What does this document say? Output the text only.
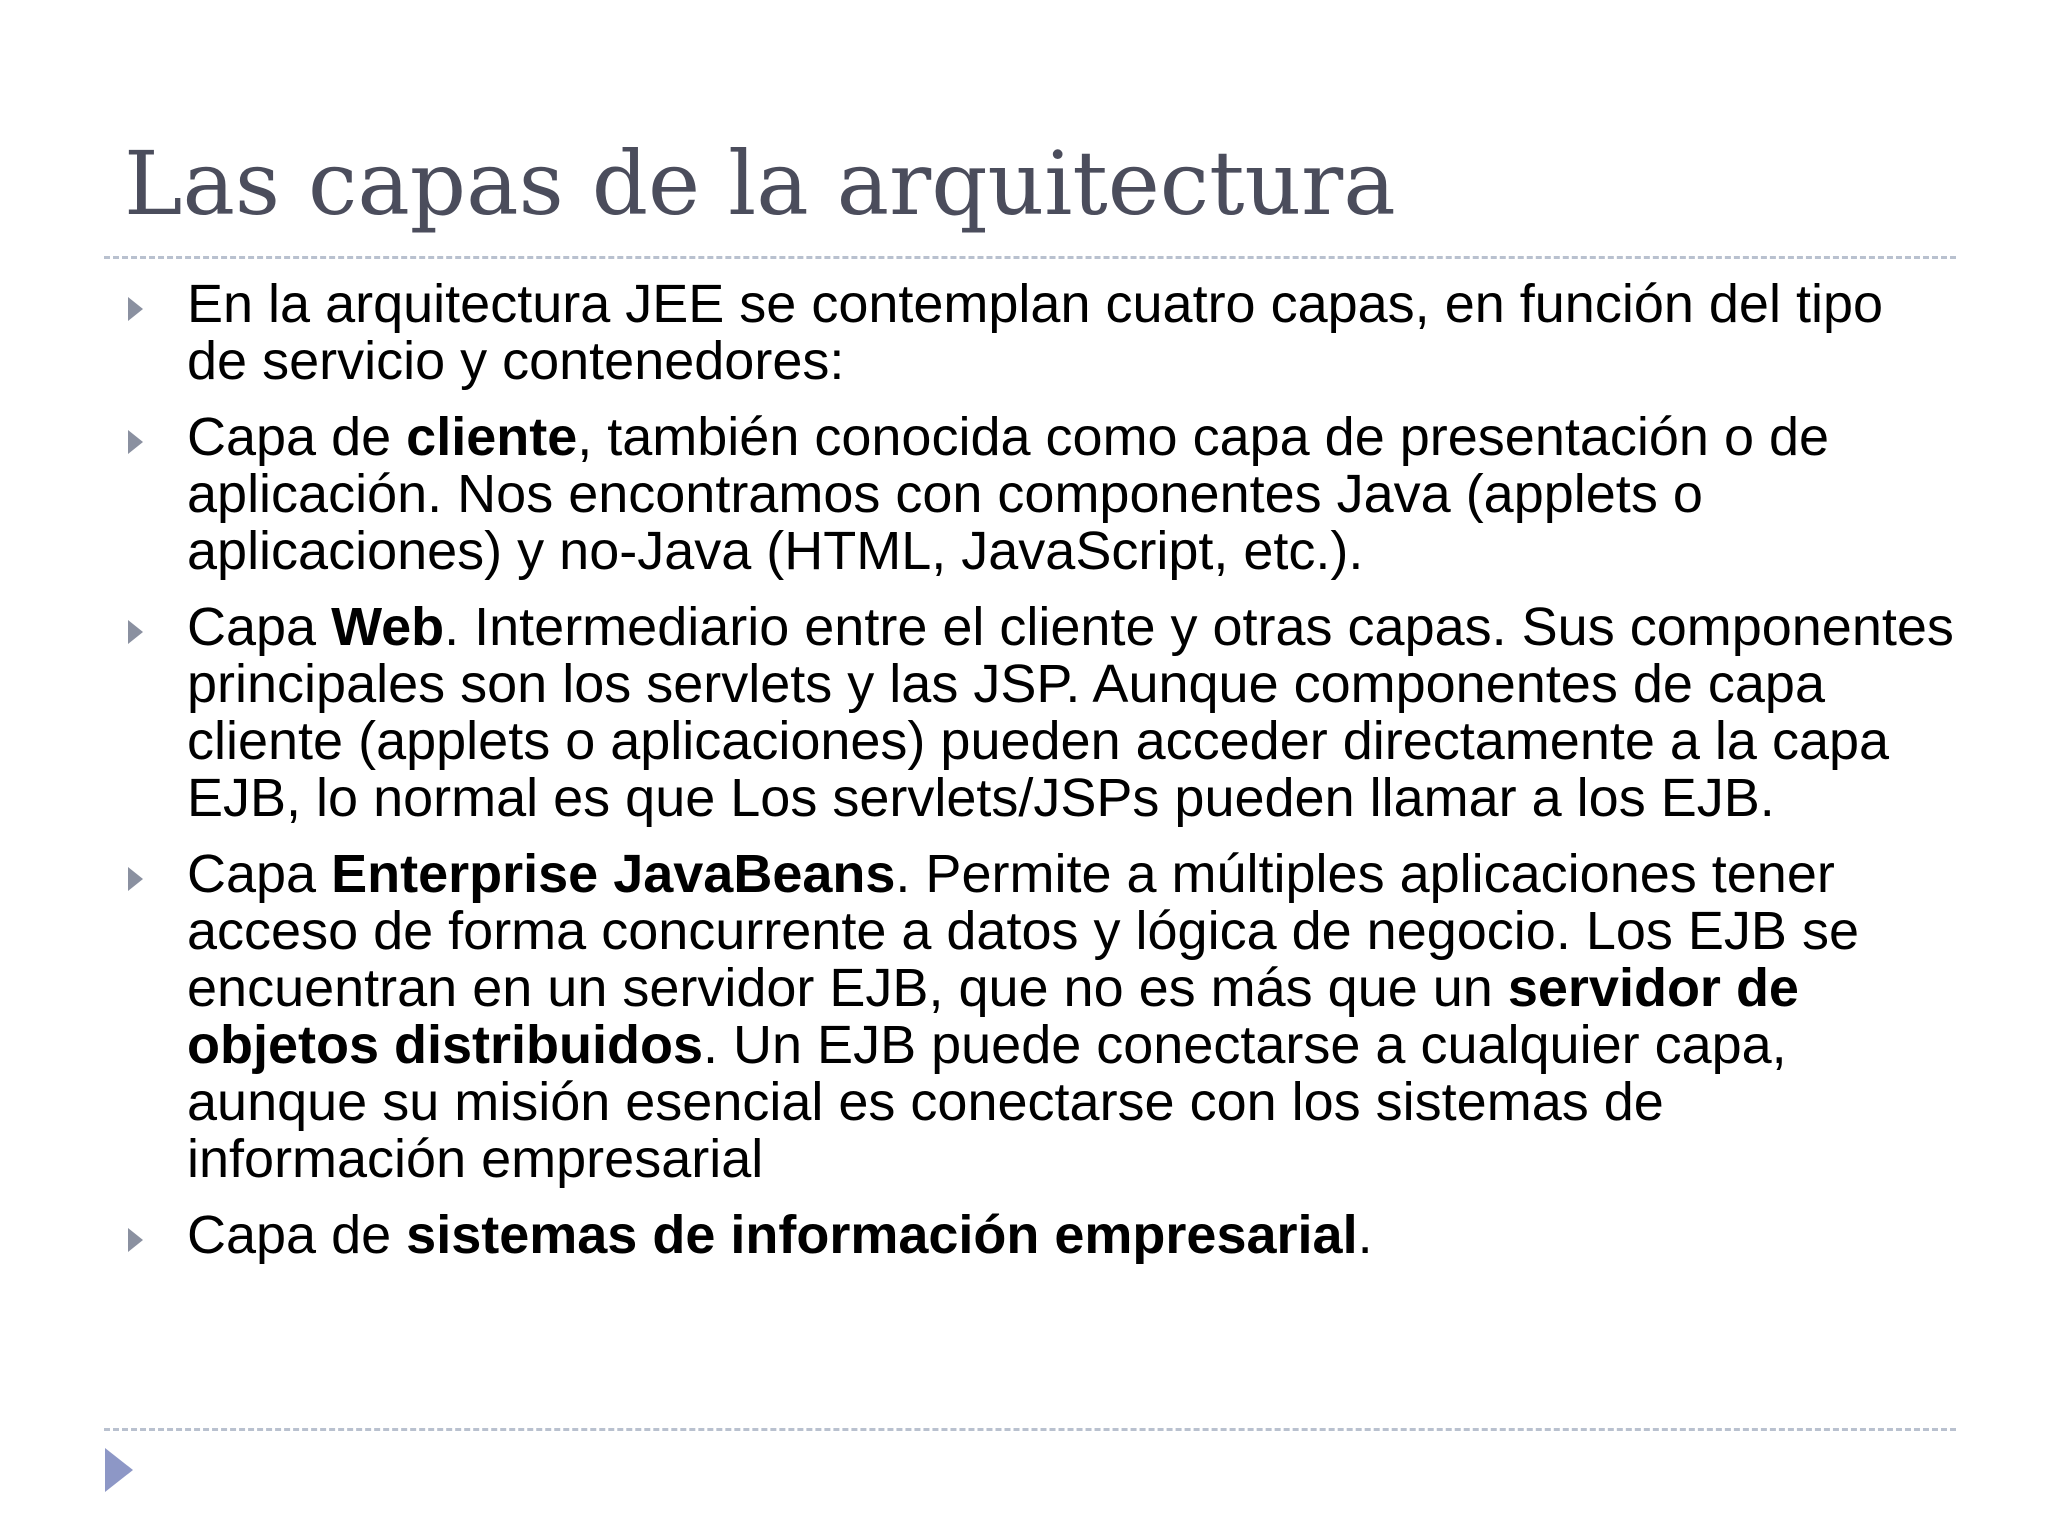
Las capas de la arquitectura
En la arquitectura JEE se contemplan cuatro capas, en función del tipo de servicio y contenedores:
Capa de cliente, también conocida como capa de presentación o de aplicación. Nos encontramos con componentes Java (applets o aplicaciones) y no-Java (HTML, JavaScript, etc.).
Capa Web. Intermediario entre el cliente y otras capas. Sus componentes principales son los servlets y las JSP. Aunque componentes de capa cliente (applets o aplicaciones) pueden acceder directamente a la capa EJB, lo normal es que Los servlets/JSPs pueden llamar a los EJB.
Capa Enterprise JavaBeans. Permite a múltiples aplicaciones tener acceso de forma concurrente a datos y lógica de negocio. Los EJB se encuentran en un servidor EJB, que no es más que un servidor de objetos distribuidos. Un EJB puede conectarse a cualquier capa, aunque su misión esencial es conectarse con los sistemas de información empresarial
Capa de sistemas de información empresarial.
